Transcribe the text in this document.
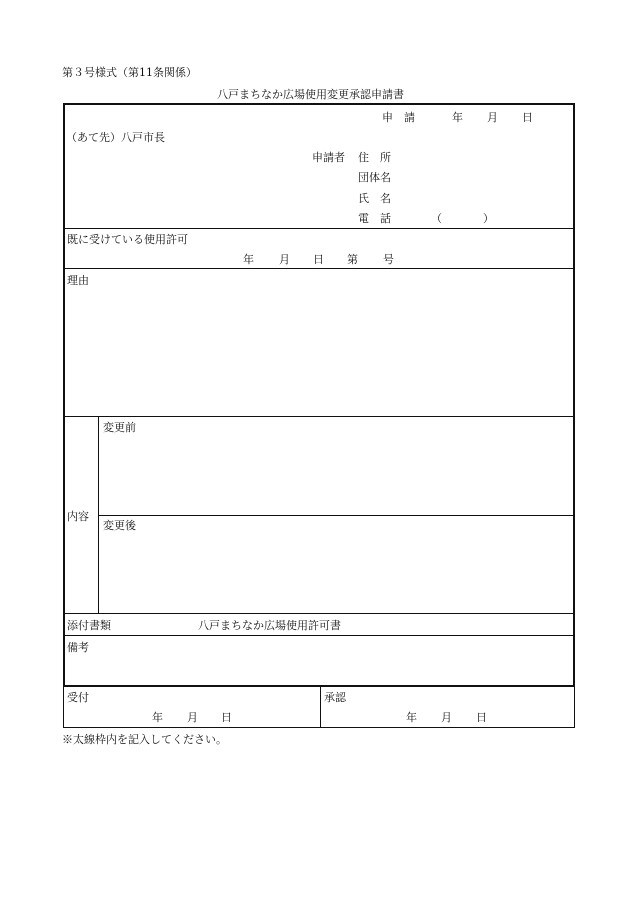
第３号様式（第11条関係）
八戸まちなか広場使用変更承認申請書
申　請	年 月 日
（あて先）八戸市長
申請者 住　所
団体名
氏　名
電　話	（	）
既に受けている使用許可
年 月 日 第 号
理由
内容
変更前
変更後
添付書類	八戸まちなか広場使用許可書
備考
受付
年 月 日
承認
年 月 日
※太線枠内を記入してください。
